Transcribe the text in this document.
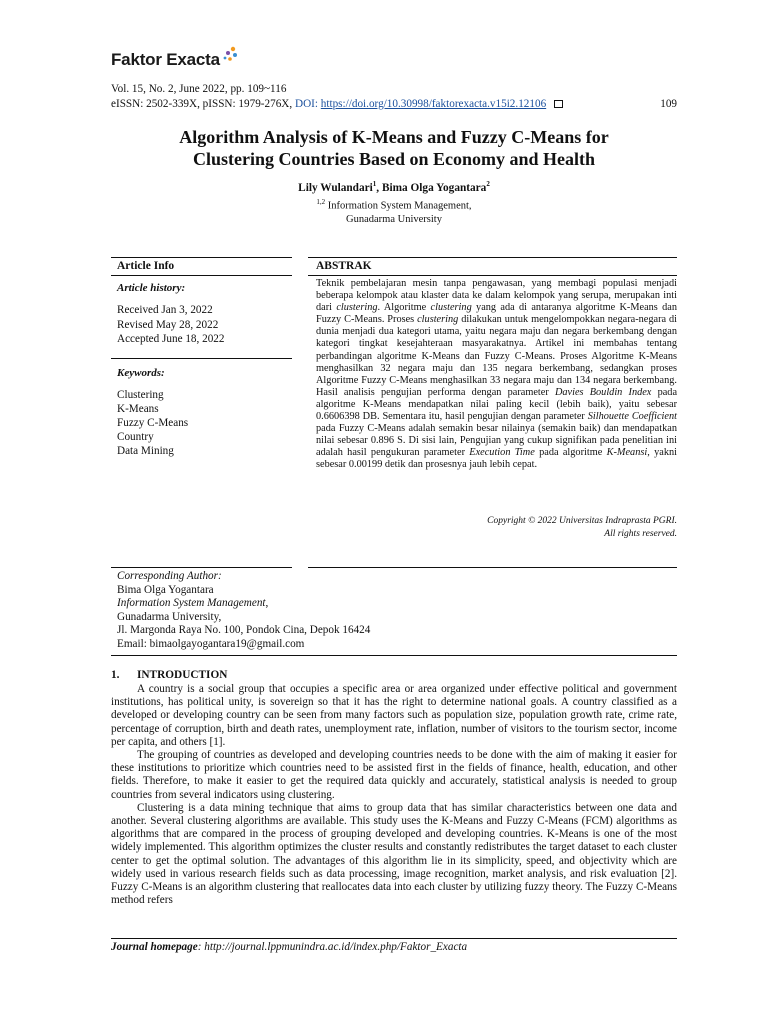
Faktor Exacta
Vol. 15, No. 2, June 2022, pp. 109~116
eISSN: 2502-339X, pISSN: 1979-276X, DOI: https://doi.org/10.30998/faktorexacta.v15i2.12106	109
Algorithm Analysis of K-Means and Fuzzy C-Means for
Clustering Countries Based on Economy and Health
Lily Wulandari$^1$, Bima Olga Yogantara$^2$
$^{1,2}$ Information System Management,
Gunadarma University
Article Info
Article history:
Received Jan 3, 2022
Revised May 28, 2022
Accepted June 18, 2022
Keywords:
Clustering
K-Means
Fuzzy C-Means
Country
Data Mining
ABSTRAK
Teknik pembelajaran mesin tanpa pengawasan, yang membagi populasi menjadi beberapa kelompok atau klaster data ke dalam kelompok yang serupa, merupakan inti dari clustering. Algoritme clustering yang ada di antaranya algoritme K-Means dan Fuzzy C-Means. Proses clustering dilakukan untuk mengelompokkan negara-negara di dunia menjadi dua kategori utama, yaitu negara maju dan negara berkembang dengan kategori tingkat kesejahteraan masyarakatnya. Artikel ini membahas tentang perbandingan algoritme K-Means dan Fuzzy C-Means. Proses Algoritme K-Means menghasilkan 32 negara maju dan 135 negara berkembang, sedangkan proses Algoritme Fuzzy C-Means menghasilkan 33 negara maju dan 134 negara berkembang. Hasil analisis pengujian performa dengan parameter Davies Bouldin Index pada algoritme K-Means mendapatkan nilai paling kecil (lebih baik), yaitu sebesar 0.6606398 DB. Sementara itu, hasil pengujian dengan parameter Silhouette Coefficient pada Fuzzy C-Means adalah semakin besar nilainya (semakin baik) dan mendapatkan nilai sebesar 0.896 S. Di sisi lain, Pengujian yang cukup signifikan pada penelitian ini adalah hasil pengukuran parameter Execution Time pada algoritme K-Meansi, yakni sebesar 0.00199 detik dan prosesnya jauh lebih cepat.
Copyright © 2022 Universitas Indraprasta PGRI.
All rights reserved.
Corresponding Author:
Bima Olga Yogantara
Information System Management,
Gunadarma University,
Jl. Margonda Raya No. 100, Pondok Cina, Depok 16424
Email: bimaolgayogantara19@gmail.com
1. INTRODUCTION

A country is a social group that occupies a specific area or area organized under effective political and government institutions, has political unity, is sovereign so that it has the right to determine national goals. A country classified as a developed or developing country can be seen from many factors such as population size, population growth rate, crime rate, percentage of corruption, birth and death rates, unemployment rate, inflation, number of visitors to the tourism sector, income per capita, and others [1].

The grouping of countries as developed and developing countries needs to be done with the aim of making it easier for these institutions to prioritize which countries need to be assisted first in the fields of finance, health, education, and other fields. Therefore, to make it easier to get the required data quickly and accurately, statistical analysis is needed to group countries from several indicators using clustering.

Clustering is a data mining technique that aims to group data that has similar characteristics between one data and another. Several clustering algorithms are available. This study uses the K-Means and Fuzzy C-Means (FCM) algorithms as algorithms that are compared in the process of grouping developed and developing countries. K-Means is one of the most widely implemented. This algorithm optimizes the cluster results and constantly redistributes the target dataset to each cluster center to get the optimal solution. The advantages of this algorithm lie in its simplicity, speed, and objectivity which are widely used in various research fields such as data processing, image recognition, market analysis, and risk evaluation [2]. Fuzzy C-Means is an algorithm clustering that reallocates data into each cluster by utilizing fuzzy theory. The Fuzzy C-Means method refers

Journal homepage: http://journal.lppmunindra.ac.id/index.php/Faktor_Exacta
